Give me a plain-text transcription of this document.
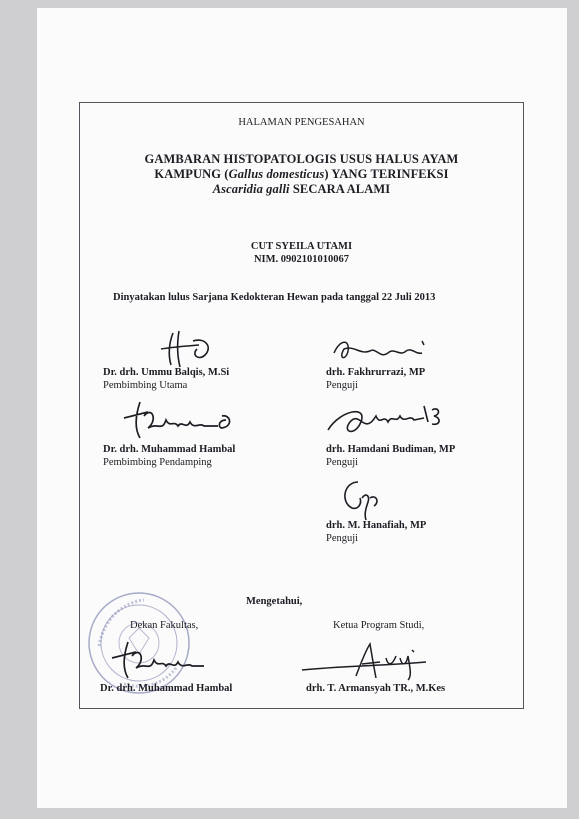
HALAMAN PENGESAHAN
GAMBARAN HISTOPATOLOGIS USUS HALUS AYAM
KAMPUNG (Gallus domesticus) YANG TERINFEKSI
Ascaridia galli SECARA ALAMI
CUT SYEILA UTAMI
NIM. 0902101010067
Dinyatakan lulus Sarjana Kedokteran Hewan pada tanggal 22 Juli 2013
Dr. drh. Ummu Balqis, M.Si
Pembimbing Utama
drh. Fakhrurrazi, MP
Penguji
Dr. drh. Muhammad Hambal
Pembimbing Pendamping
drh. Hamdani Budiman, MP
Penguji
drh. M. Hanafiah, MP
Penguji
Mengetahui,
Dekan Fakultas,	Ketua Program Studi,
Dr. drh. Muhammad Hambal	drh. T. Armansyah TR., M.Kes
